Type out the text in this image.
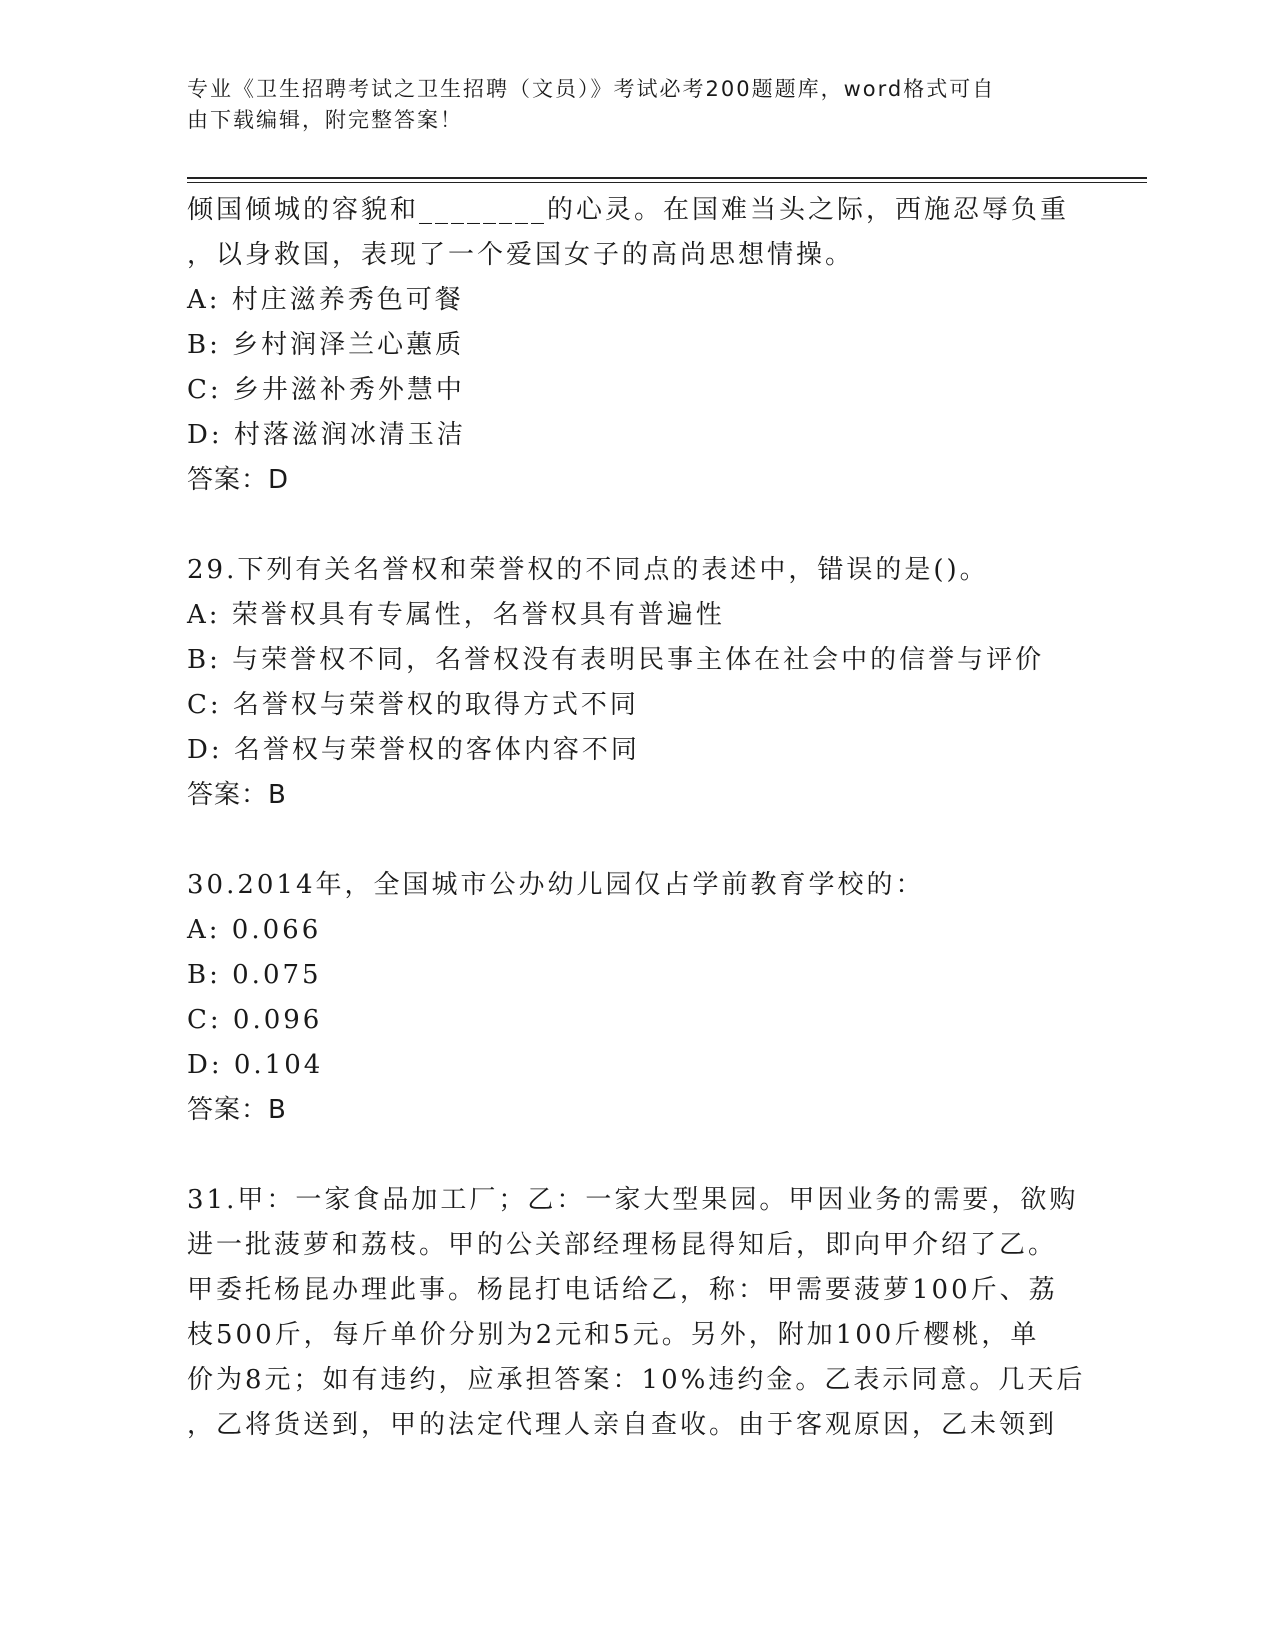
专业《卫生招聘考试之卫生招聘（文员）》考试必考200题题库，word格式可自
由下载编辑，附完整答案！
倾国倾城的容貌和________的心灵。在国难当头之际，西施忍辱负重
，以身救国，表现了一个爱国女子的高尚思想情操。
A: 村庄滋养秀色可餐
B: 乡村润泽兰心蕙质
C: 乡井滋补秀外慧中
D: 村落滋润冰清玉洁
答案：D
29.下列有关名誉权和荣誉权的不同点的表述中，错误的是()。
A: 荣誉权具有专属性，名誉权具有普遍性
B: 与荣誉权不同，名誉权没有表明民事主体在社会中的信誉与评价
C: 名誉权与荣誉权的取得方式不同
D: 名誉权与荣誉权的客体内容不同
答案：B
30.2014年，全国城市公办幼儿园仅占学前教育学校的：
A: 0.066
B: 0.075
C: 0.096
D: 0.104
答案：B
31.甲：一家食品加工厂；乙：一家大型果园。甲因业务的需要，欲购
进一批菠萝和荔枝。甲的公关部经理杨昆得知后，即向甲介绍了乙。
甲委托杨昆办理此事。杨昆打电话给乙，称：甲需要菠萝100斤、荔
枝500斤，每斤单价分别为2元和5元。另外，附加100斤樱桃，单
价为8元；如有违约，应承担答案：10%违约金。乙表示同意。几天后
，乙将货送到，甲的法定代理人亲自查收。由于客观原因，乙未领到
